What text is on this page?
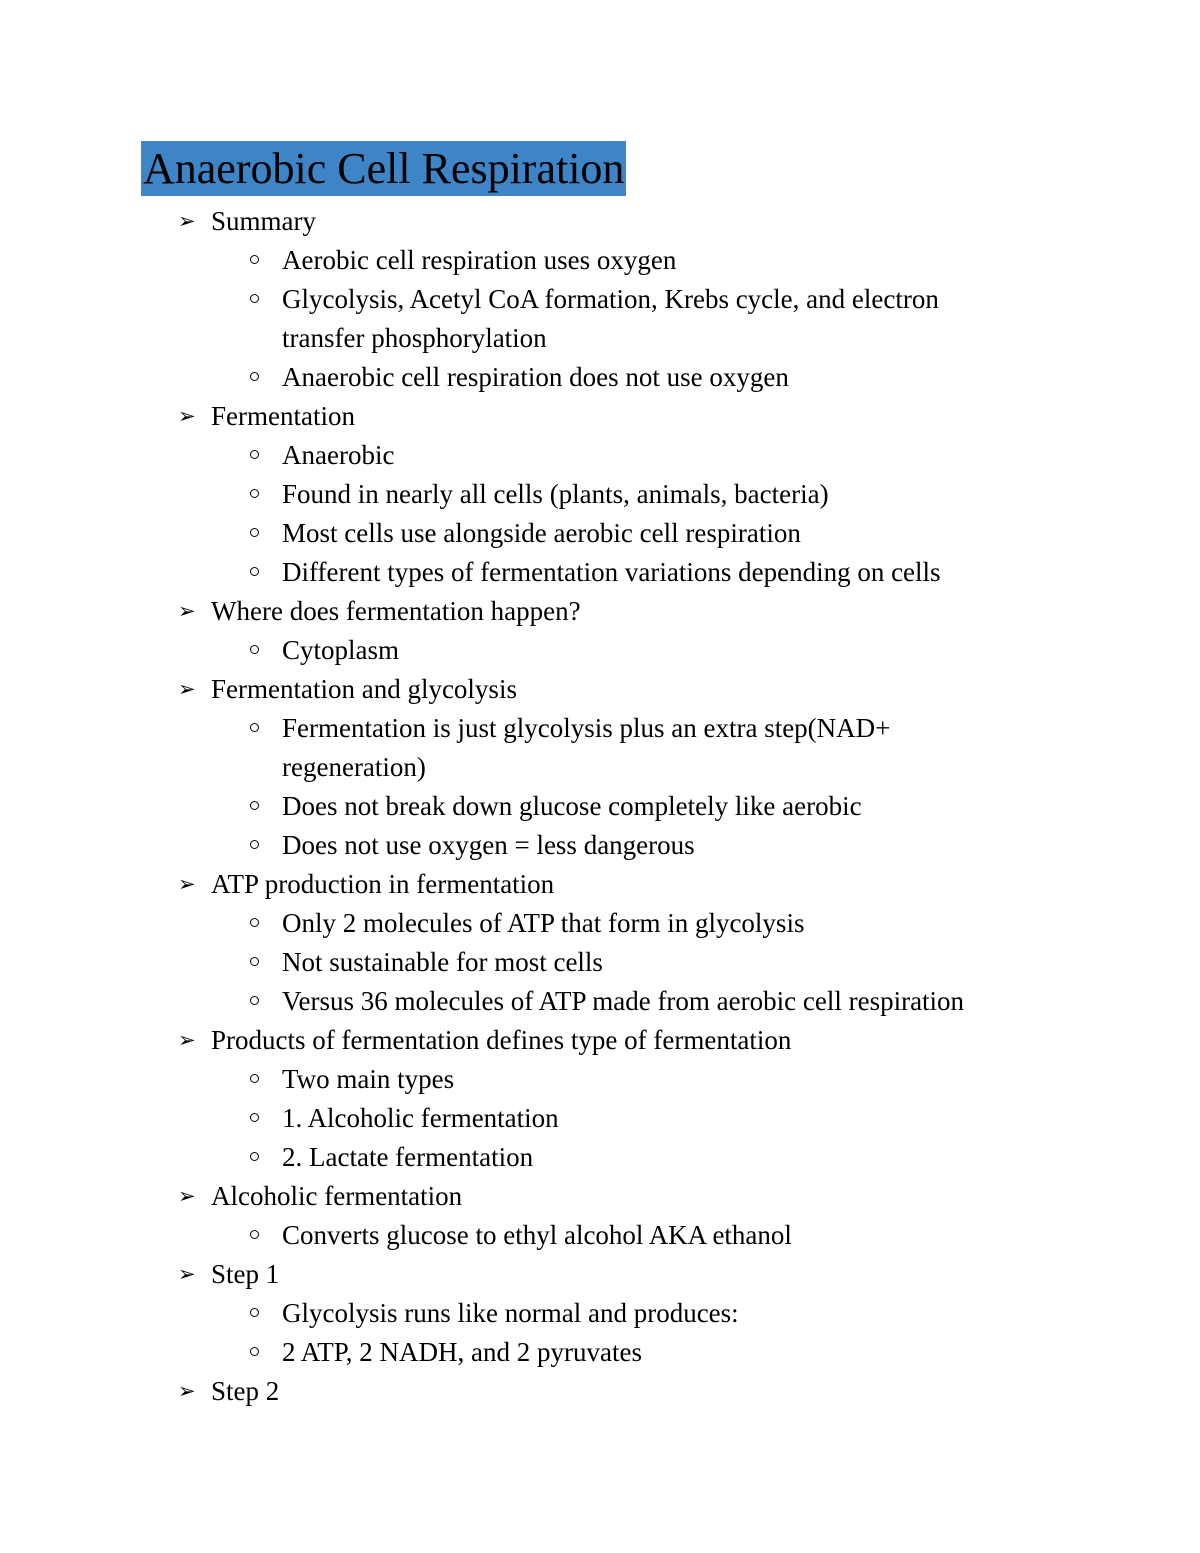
Anaerobic Cell Respiration
➢ Summary
Aerobic cell respiration uses oxygen
Glycolysis, Acetyl CoA formation, Krebs cycle, and electron
transfer phosphorylation
Anaerobic cell respiration does not use oxygen
➢ Fermentation
Anaerobic
Found in nearly all cells (plants, animals, bacteria)
Most cells use alongside aerobic cell respiration
Different types of fermentation variations depending on cells
➢ Where does fermentation happen?
Cytoplasm
➢ Fermentation and glycolysis
Fermentation is just glycolysis plus an extra step(NAD+
regeneration)
Does not break down glucose completely like aerobic
Does not use oxygen = less dangerous
➢ ATP production in fermentation
Only 2 molecules of ATP that form in glycolysis
Not sustainable for most cells
Versus 36 molecules of ATP made from aerobic cell respiration
➢ Products of fermentation defines type of fermentation
Two main types
1. Alcoholic fermentation
2. Lactate fermentation
➢ Alcoholic fermentation
Converts glucose to ethyl alcohol AKA ethanol
➢ Step 1
Glycolysis runs like normal and produces:
2 ATP, 2 NADH, and 2 pyruvates
➢ Step 2
